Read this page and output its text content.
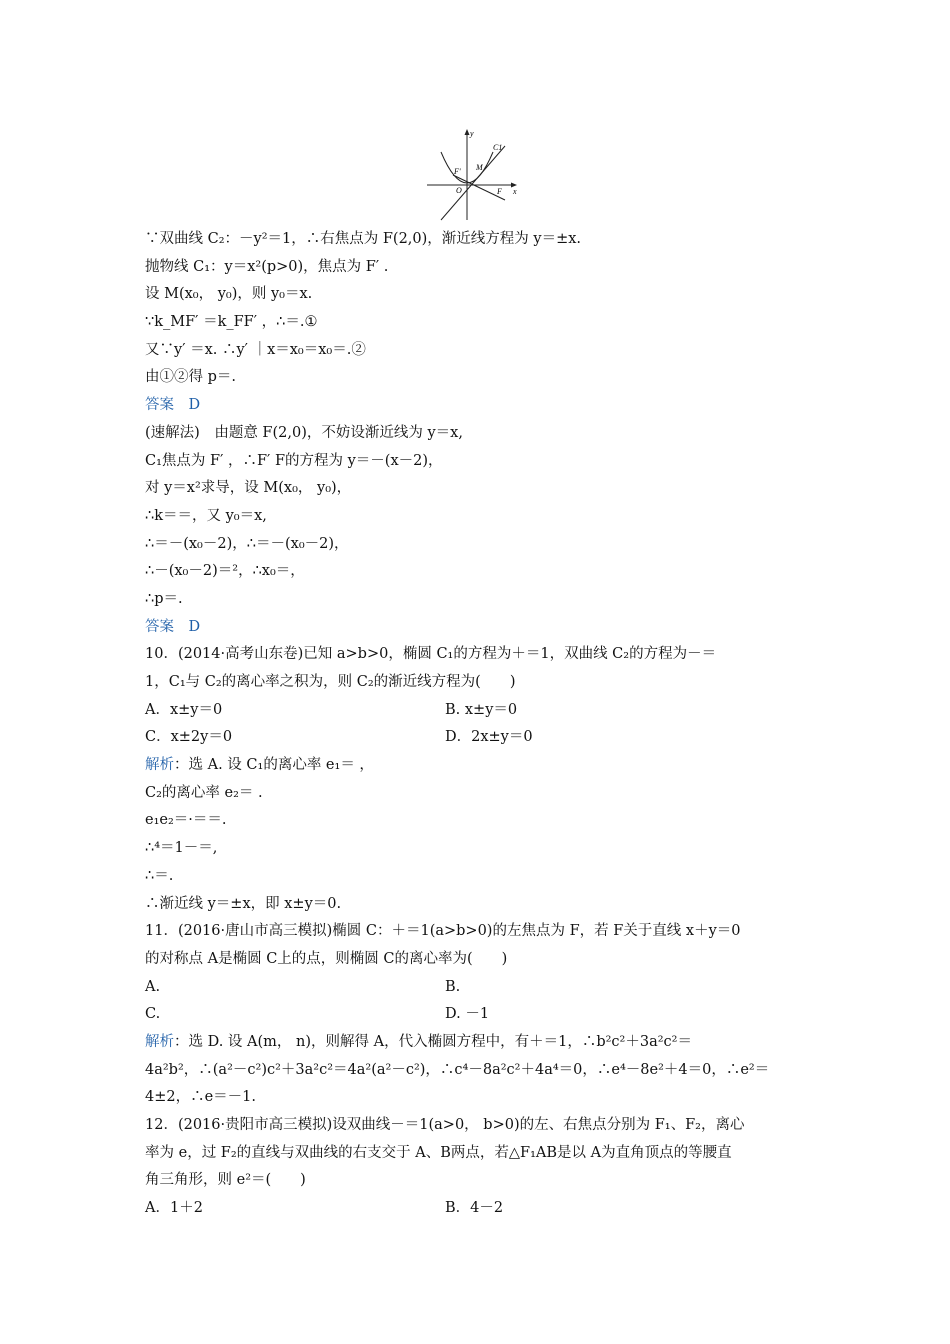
y
x
O	F
F' M
C1
∵双曲线 C₂：－y²＝1，∴右焦点为 F(2,0)，渐近线方程为 y＝±x.
抛物线 C₁：y＝x²(p>0)，焦点为 F′ .
设 M(x₀， y₀)，则 y₀＝x.
∵k_MF′ ＝k_FF′ ，∴＝.①
又∵y′ ＝x. ∴y′ ｜x＝x₀＝x₀＝.②
由①②得 p＝.
答案　D
(速解法)　由题意 F(2,0)，不妨设渐近线为 y＝x,
C₁焦点为 F′ ，∴F′ F的方程为 y＝－(x－2)，
对 y＝x²求导，设 M(x₀， y₀)，
∴k＝＝，又 y₀＝x,
∴＝－(x₀－2)，∴＝－(x₀－2)，
∴－(x₀－2)＝²，∴x₀＝，
∴p＝.
答案　D
10．(2014·高考山东卷)已知 a>b>0，椭圆 C₁的方程为＋＝1，双曲线 C₂的方程为－＝
1，C₁与 C₂的离心率之积为，则 C₂的渐近线方程为(　　)
A．x±y＝0	B. x±y＝0
C．x±2y＝0	D．2x±y＝0
解析：选 A. 设 C₁的离心率 e₁＝ ，
C₂的离心率 e₂＝ .
e₁e₂＝·＝＝.
∴⁴＝1－＝,
∴＝.
∴渐近线 y＝±x，即 x±y＝0.
11．(2016·唐山市高三模拟)椭圆 C：＋＝1(a>b>0)的左焦点为 F，若 F关于直线 x＋y＝0
的对称点 A是椭圆 C上的点，则椭圆 C的离心率为(　　)
A.	B.
C.	D. －1
解析：选 D. 设 A(m， n)，则解得 A，代入椭圆方程中，有＋＝1，∴b²c²＋3a²c²＝
4a²b²，∴(a²－c²)c²＋3a²c²＝4a²(a²－c²)，∴c⁴－8a²c²＋4a⁴＝0，∴e⁴－8e²＋4＝0，∴e²＝
4±2，∴e＝－1.
12．(2016·贵阳市高三模拟)设双曲线－＝1(a>0， b>0)的左、右焦点分别为 F₁、F₂，离心
率为 e，过 F₂的直线与双曲线的右支交于 A、B两点，若△F₁AB是以 A为直角顶点的等腰直
角三角形，则 e²＝(　　)
A．1＋2	B．4－2
